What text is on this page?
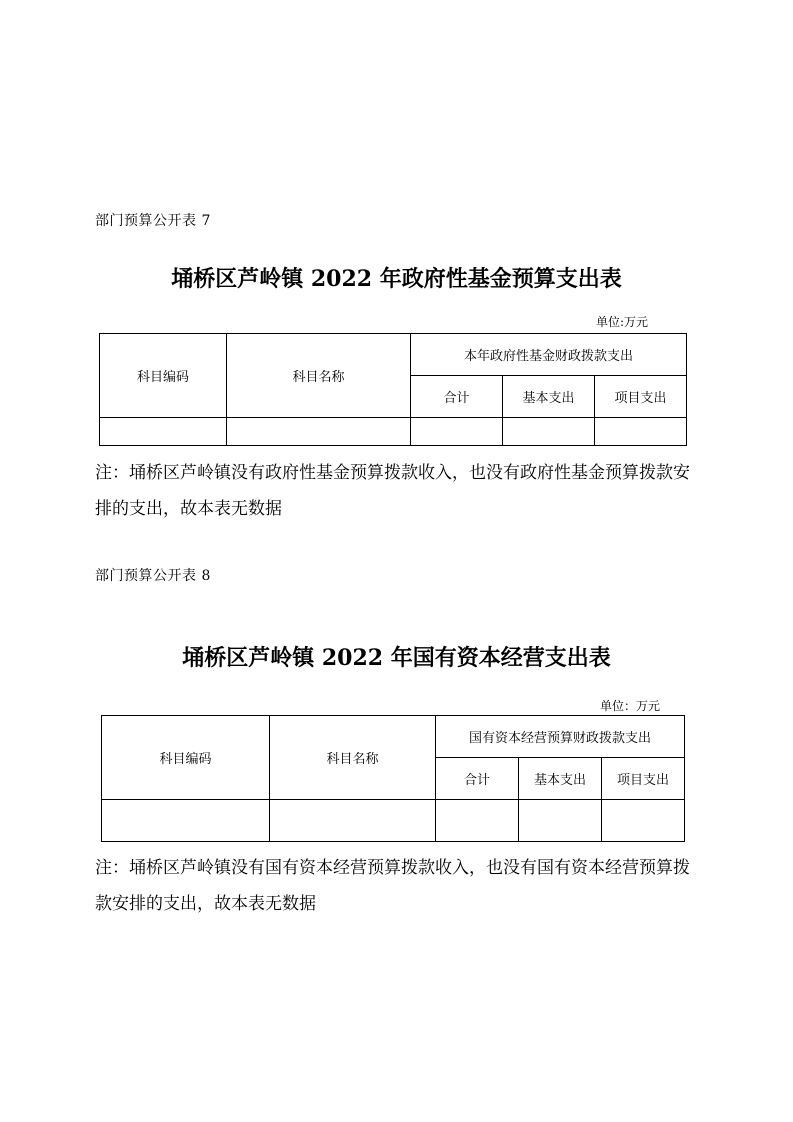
部门预算公开表 7
埇桥区芦岭镇 2022 年政府性基金预算支出表
单位:万元
科目编码	科目名称	本年政府性基金财政拨款支出		
		合计	基本支出	项目支出

注：埇桥区芦岭镇没有政府性基金预算拨款收入，也没有政府性基金预算拨款安排的支出，故本表无数据
部门预算公开表 8
埇桥区芦岭镇 2022 年国有资本经营支出表
单位：万元
科目编码	科目名称	国有资本经营预算财政拨款支出		
		合计	基本支出	项目支出

注：埇桥区芦岭镇没有国有资本经营预算拨款收入，也没有国有资本经营预算拨款安排的支出，故本表无数据
